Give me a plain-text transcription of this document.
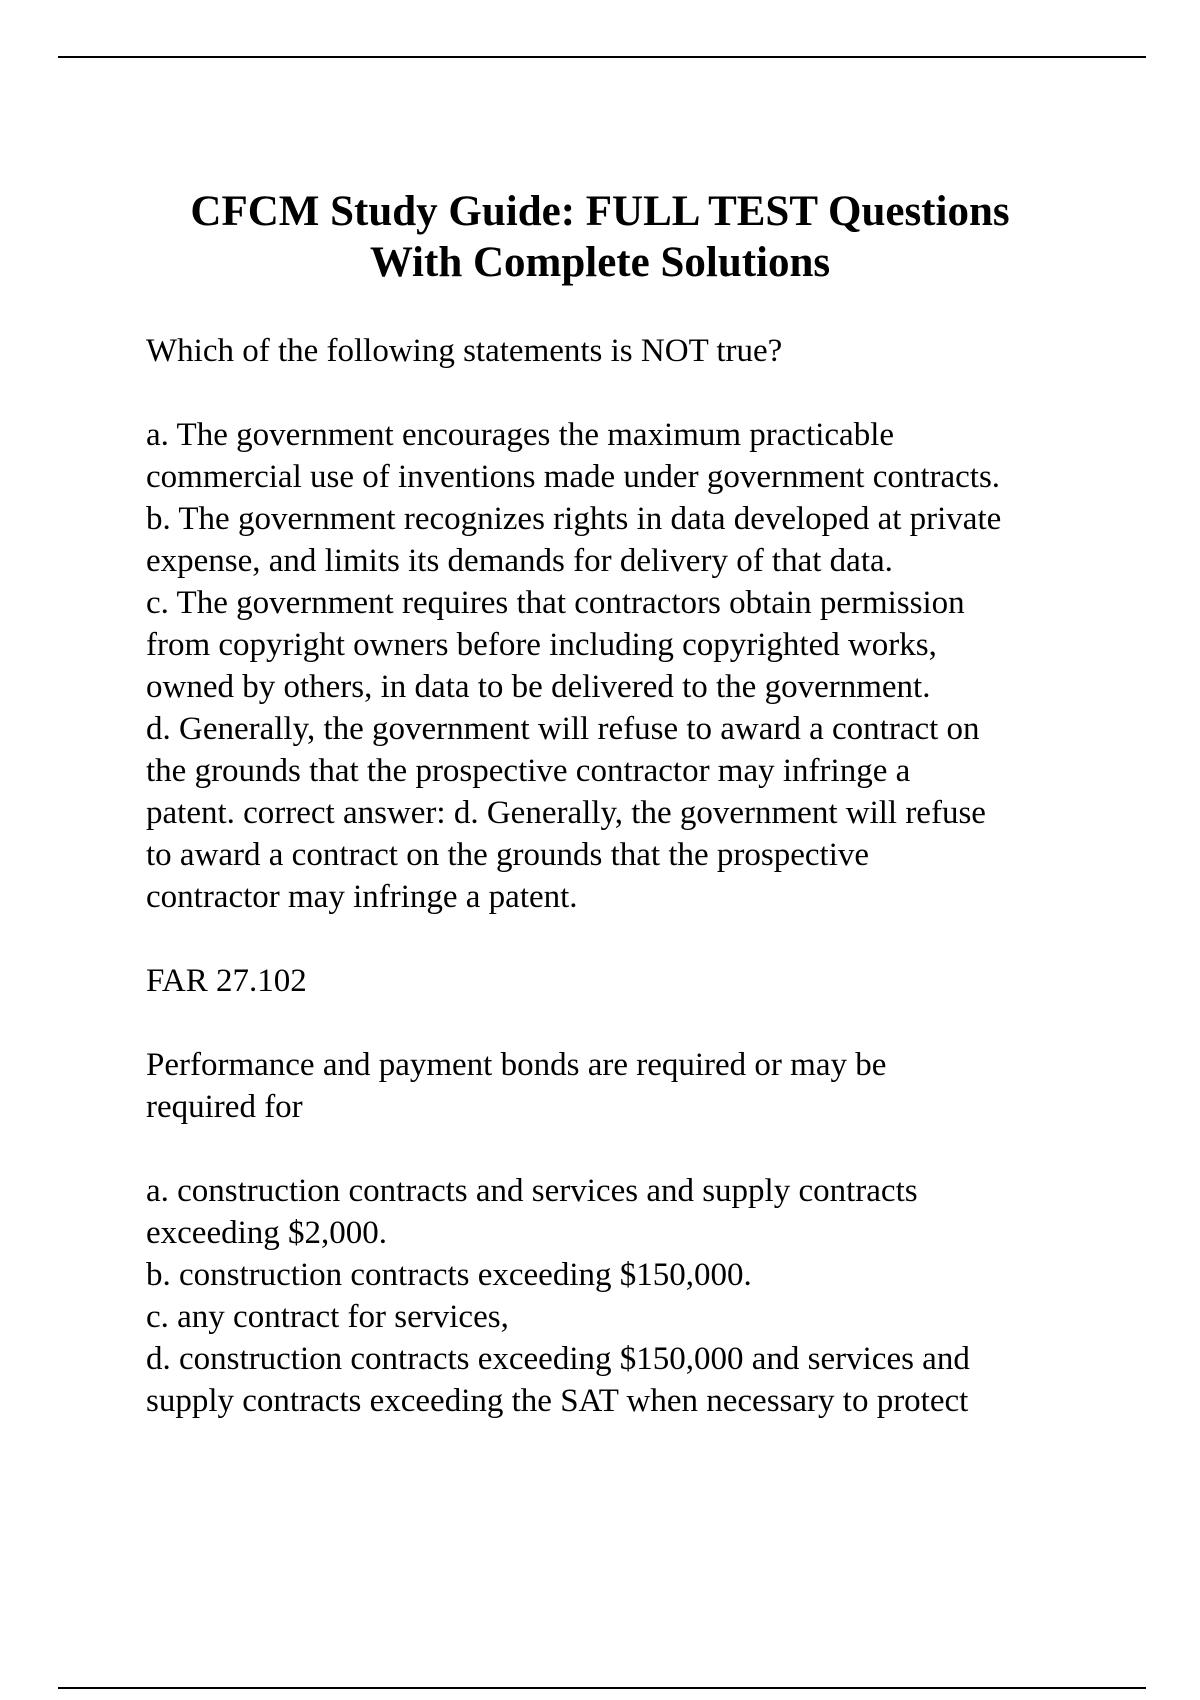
CFCM Study Guide: FULL TEST Questions
With Complete Solutions
Which of the following statements is NOT true?
a. The government encourages the maximum practicable
commercial use of inventions made under government contracts.
b. The government recognizes rights in data developed at private
expense, and limits its demands for delivery of that data.
c. The government requires that contractors obtain permission
from copyright owners before including copyrighted works,
owned by others, in data to be delivered to the government.
d. Generally, the government will refuse to award a contract on
the grounds that the prospective contractor may infringe a
patent. correct answer: d. Generally, the government will refuse
to award a contract on the grounds that the prospective
contractor may infringe a patent.
FAR 27.102
Performance and payment bonds are required or may be
required for
a. construction contracts and services and supply contracts
exceeding $2,000.
b. construction contracts exceeding $150,000.
c. any contract for services,
d. construction contracts exceeding $150,000 and services and
supply contracts exceeding the SAT when necessary to protect
